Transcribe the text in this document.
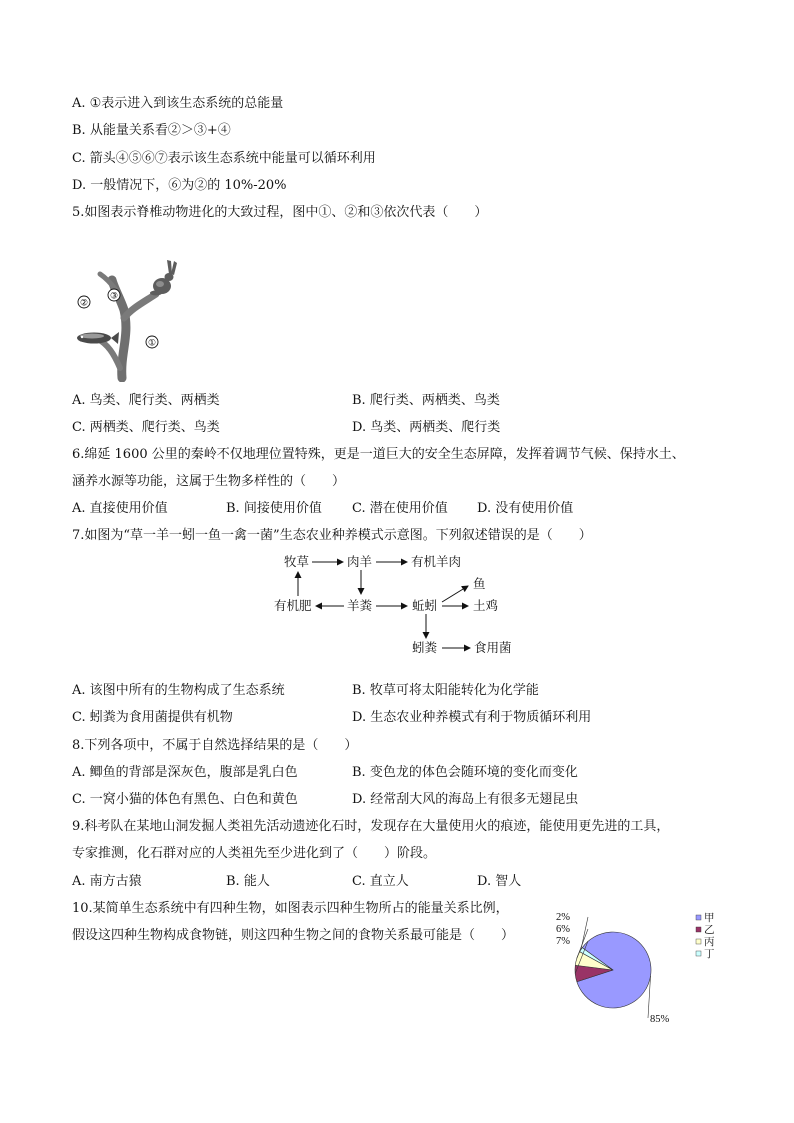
A. ①表示进入到该生态系统的总能量
B. 从能量关系看②＞③+④
C. 箭头④⑤⑥⑦表示该生态系统中能量可以循环利用
D. 一般情况下，⑥为②的 10%-20%
5.如图表示脊椎动物进化的大致过程，图中①、②和③依次代表（　　）
②
③
①
A. 鸟类、爬行类、两栖类	B. 爬行类、两栖类、鸟类
C. 两栖类、爬行类、鸟类	D. 鸟类、两栖类、爬行类
6.绵延 1600 公里的秦岭不仅地理位置特殊，更是一道巨大的安全生态屏障，发挥着调节气候、保持水土、
涵养水源等功能，这属于生物多样性的（　　）
A. 直接使用价值	B. 间接使用价值 C. 潜在使用价值 D. 没有使用价值
7.如图为“草一羊一蚓一鱼一禽一菌”生态农业种养模式示意图。下列叙述错误的是（　　）
牧草	肉羊	有机羊肉
有机肥	羊粪	蚯蚓
鱼
土鸡
蚓粪	食用菌
A. 该图中所有的生物构成了生态系统	B. 牧草可将太阳能转化为化学能
C. 蚓粪为食用菌提供有机物	D. 生态农业种养模式有利于物质循环利用
8.下列各项中，不属于自然选择结果的是（　　）
A. 鲫鱼的背部是深灰色，腹部是乳白色	B. 变色龙的体色会随环境的变化而变化
C. 一窝小猫的体色有黑色、白色和黄色	D. 经常刮大风的海岛上有很多无翅昆虫
9.科考队在某地山洞发掘人类祖先活动遗迹化石时，发现存在大量使用火的痕迹，能使用更先进的工具，
专家推测，化石群对应的人类祖先至少进化到了（　　）阶段。
A. 南方古猿	B. 能人	C. 直立人	D. 智人
10.某简单生态系统中有四种生物，如图表示四种生物所占的能量关系比例，
假设这四种生物构成食物链，则这四种生物之间的食物关系最可能是（　　）
2%
6%
7%
85%
甲
乙
丙
丁
